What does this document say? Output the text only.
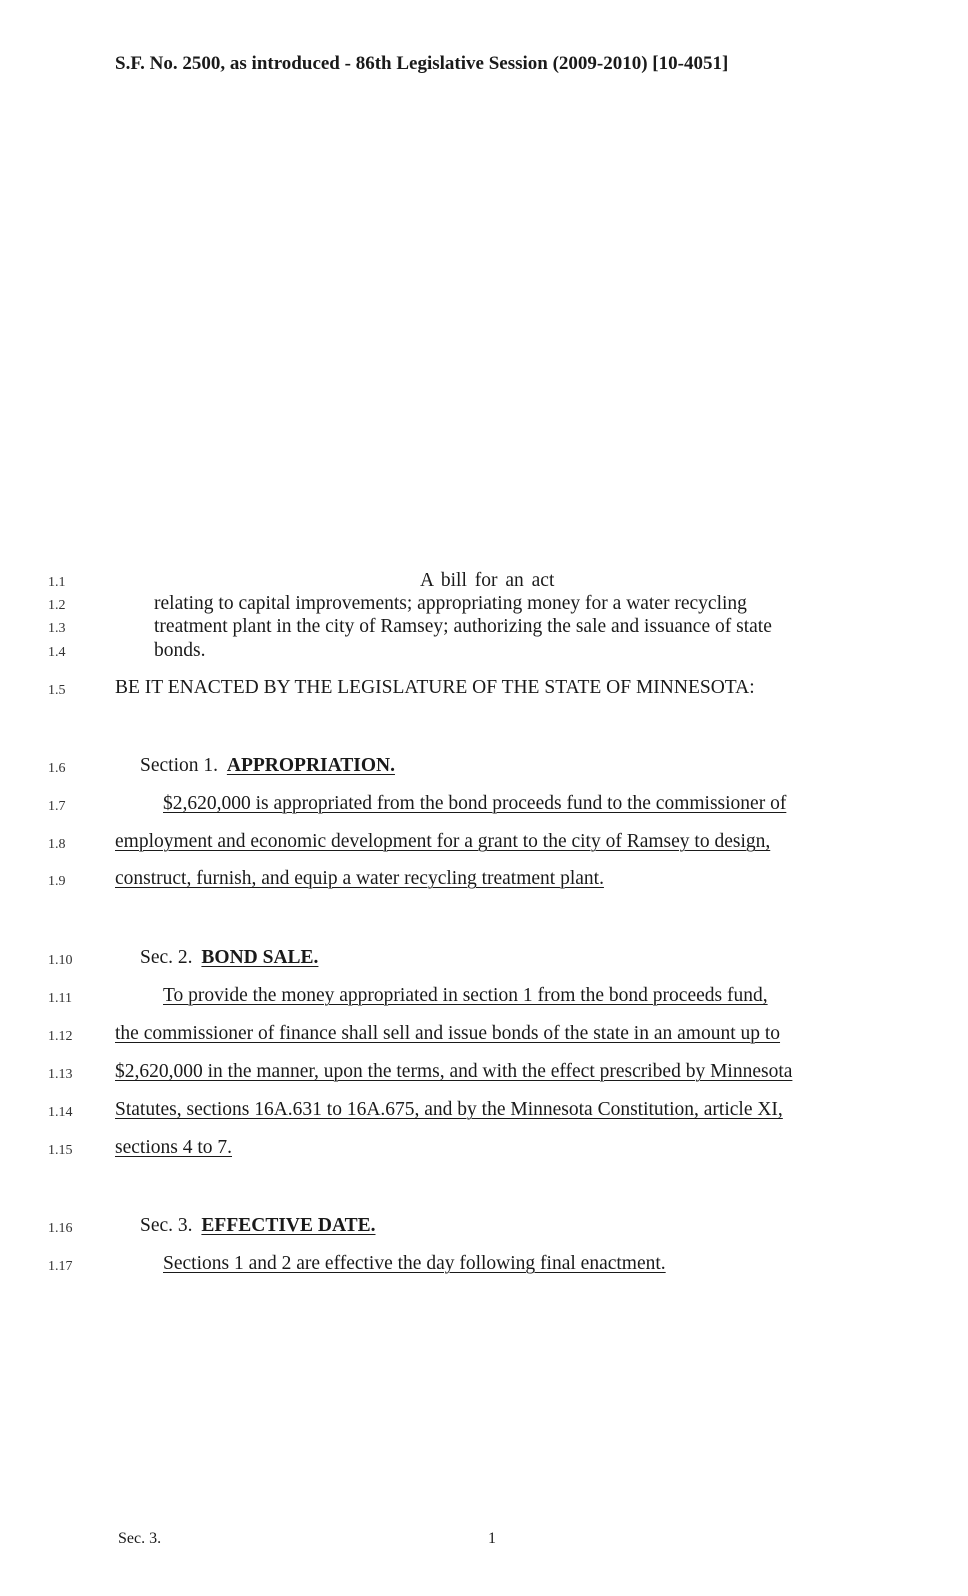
S.F. No. 2500, as introduced - 86th Legislative Session (2009-2010) [10-4051]
1.1	A bill for an act
1.2	relating to capital improvements; appropriating money for a water recycling
1.3	treatment plant in the city of Ramsey; authorizing the sale and issuance of state
1.4	bonds.
1.5	BE IT ENACTED BY THE LEGISLATURE OF THE STATE OF MINNESOTA:
1.6	Section 1. APPROPRIATION.
1.7	$2,620,000 is appropriated from the bond proceeds fund to the commissioner of
1.8	employment and economic development for a grant to the city of Ramsey to design,
1.9	construct, furnish, and equip a water recycling treatment plant.
1.10	Sec. 2. BOND SALE.
1.11	To provide the money appropriated in section 1 from the bond proceeds fund,
1.12 the commissioner of finance shall sell and issue bonds of the state in an amount up to
1.13 $2,620,000 in the manner, upon the terms, and with the effect prescribed by Minnesota
1.14 Statutes, sections 16A.631 to 16A.675, and by the Minnesota Constitution, article XI,
1.15 sections 4 to 7.
1.16	Sec. 3. EFFECTIVE DATE.
1.17	Sections 1 and 2 are effective the day following final enactment.
Sec. 3.	1
